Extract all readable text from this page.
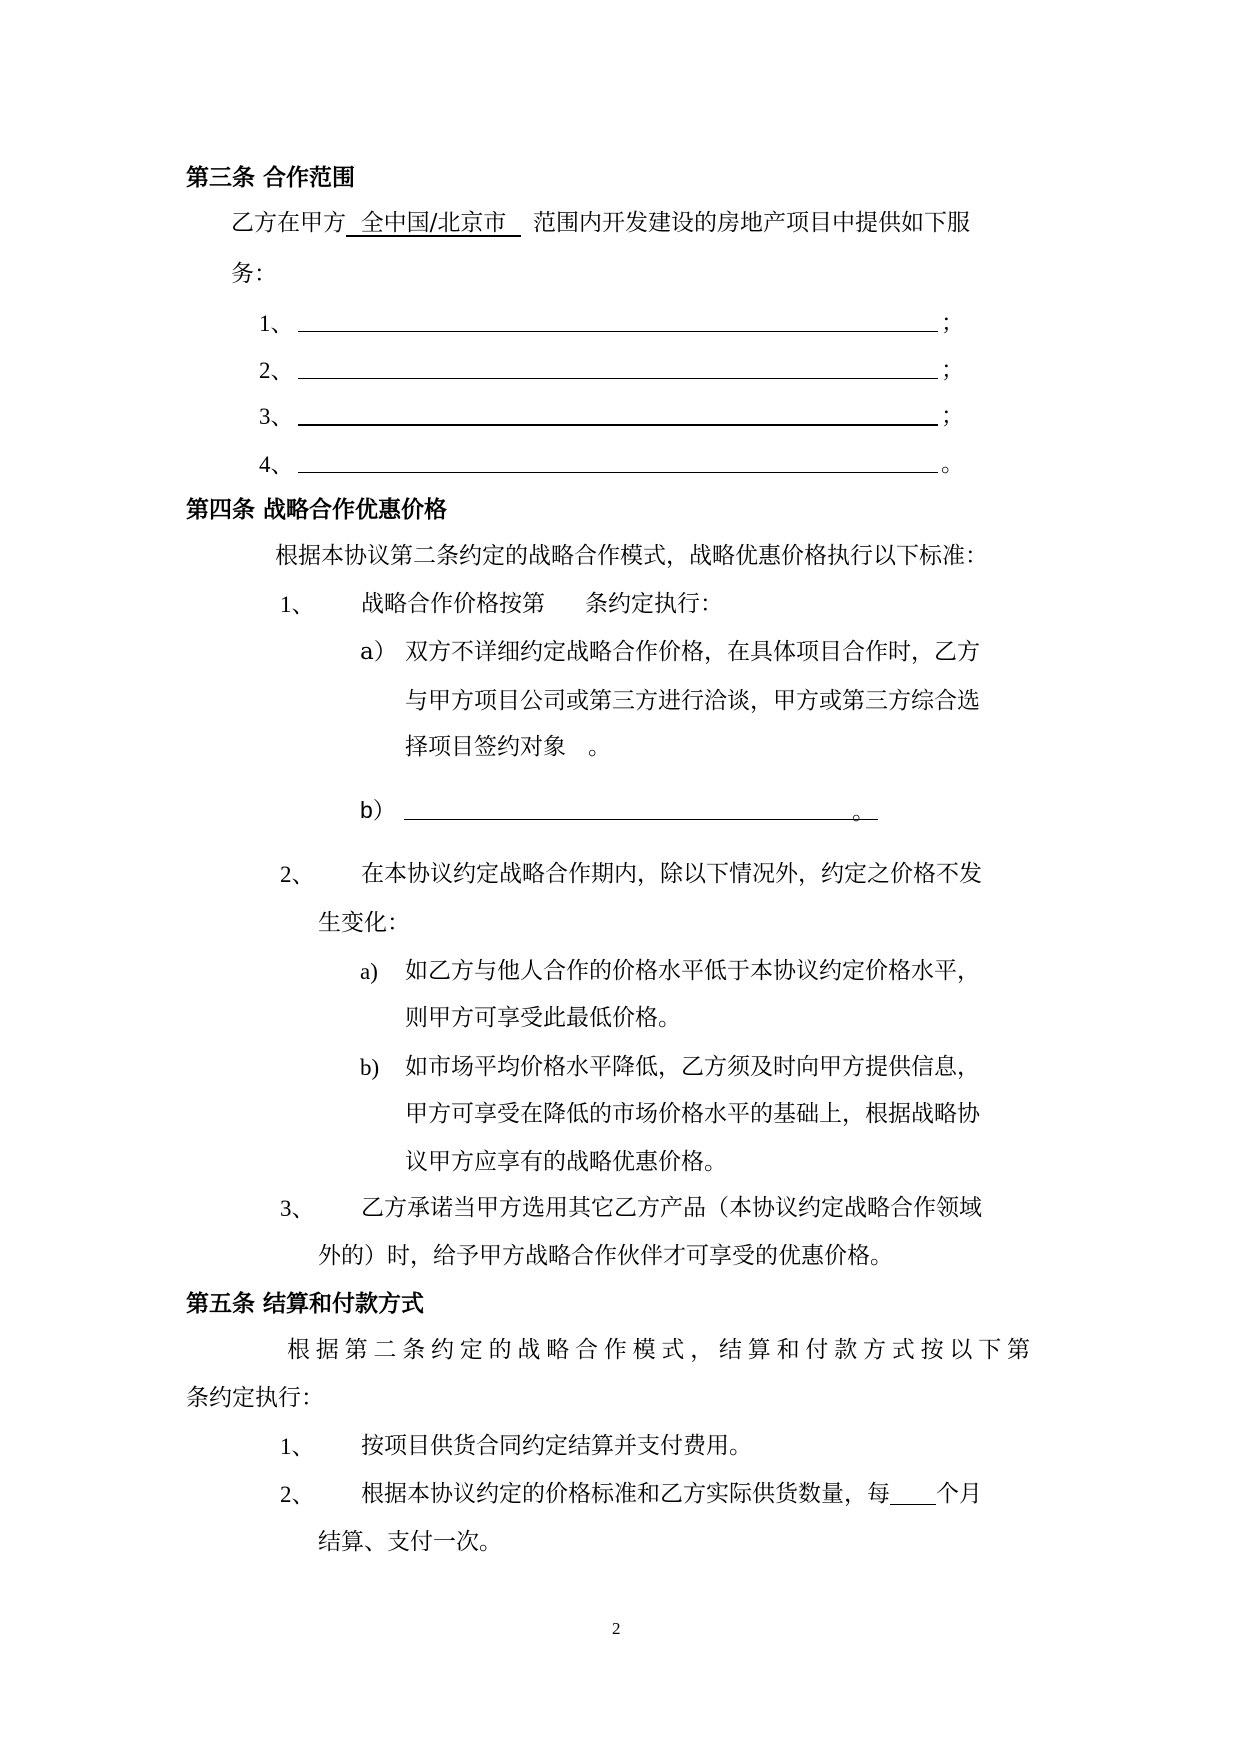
第三条 合作范围
乙方在甲方  全中国/北京市  范围内开发建设的房地产项目中提供如下服
务：
1、	；
2、	；
3、	；
4、	。
第四条 战略合作优惠价格
根据本协议第二条约定的战略合作模式，战略优惠价格执行以下标准：
1、 战略合作价格按第 条约定执行：
a） 双方不详细约定战略合作价格，在具体项目合作时，乙方
与甲方项目公司或第三方进行洽谈，甲方或第三方综合选
择项目签约对象 。
b）	。
2、 在本协议约定战略合作期内，除以下情况外，约定之价格不发
生变化：
a) 如乙方与他人合作的价格水平低于本协议约定价格水平，
则甲方可享受此最低价格。
b) 如市场平均价格水平降低，乙方须及时向甲方提供信息，
甲方可享受在降低的市场价格水平的基础上，根据战略协
议甲方应享有的战略优惠价格。
3、 乙方承诺当甲方选用其它乙方产品（本协议约定战略合作领域
外的）时，给予甲方战略合作伙伴才可享受的优惠价格。
第五条 结算和付款方式
根据第二条约定的战略合作模式，结算和付款方式按以下第
条约定执行：
1、 按项目供货合同约定结算并支付费用。
2、 根据本协议约定的价格标准和乙方实际供货数量，每 个月
结算、支付一次。
2
